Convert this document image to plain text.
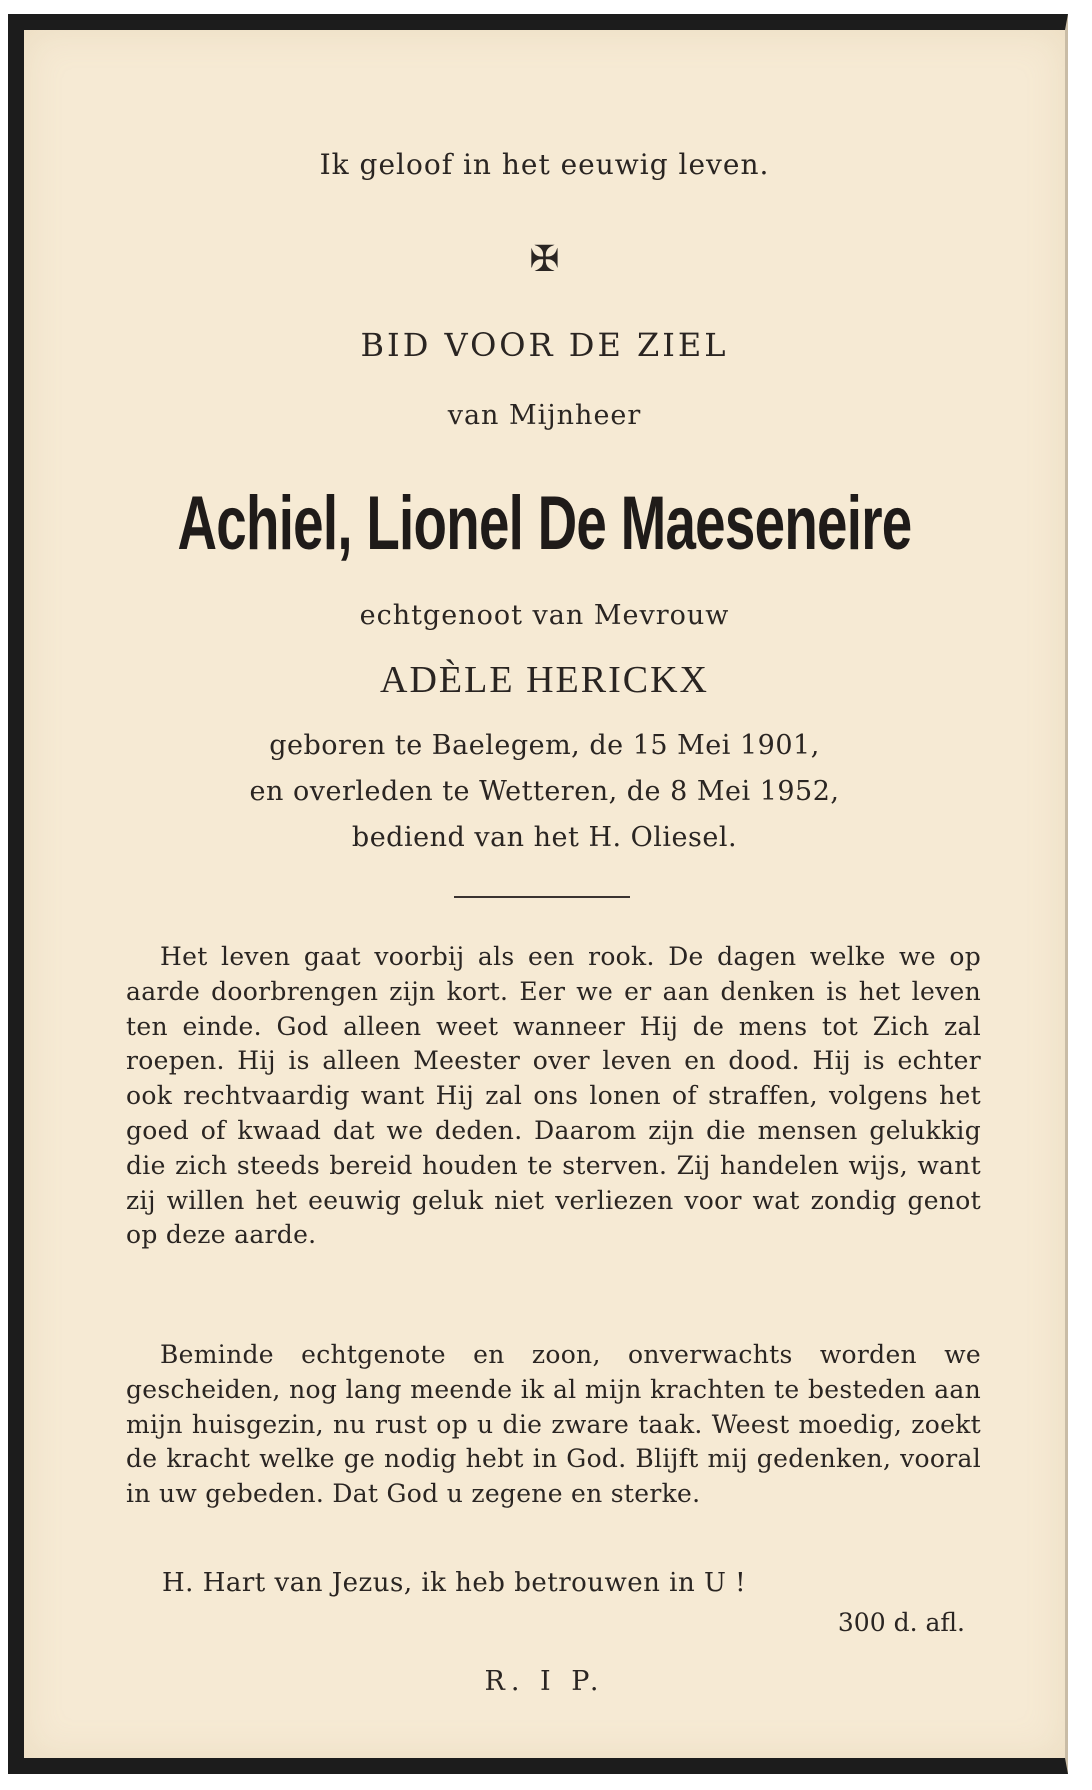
Ik geloof in het eeuwig leven.
✠
BID VOOR DE ZIEL
van Mijnheer
Achiel, Lionel De Maeseneire
echtgenoot van Mevrouw
ADÈLE HERICKX
geboren te Baelegem, de 15 Mei 1901,
en overleden te Wetteren, de 8 Mei 1952,
bediend van het H. Oliesel.
Het leven gaat voorbij als een rook. De dagen welke we op aarde doorbrengen zijn kort. Eer we er aan denken is het leven ten einde. God alleen weet wanneer Hij de mens tot Zich zal roepen. Hij is alleen Meester over leven en dood. Hij is echter ook rechtvaardig want Hij zal ons lonen of straffen, volgens het goed of kwaad dat we deden. Daarom zijn die mensen gelukkig die zich steeds bereid houden te sterven. Zij handelen wijs, want zij willen het eeuwig geluk niet verliezen voor wat zondig genot op deze aarde.
Beminde echtgenote en zoon, onverwachts worden we gescheiden, nog lang meende ik al mijn krachten te besteden aan mijn huisgezin, nu rust op u die zware taak. Weest moedig, zoekt de kracht welke ge nodig hebt in God. Blijft mij gedenken, vooral in uw gebeden. Dat God u zegene en sterke.
H. Hart van Jezus, ik heb betrouwen in U !
300 d. afl.
R. I P.
